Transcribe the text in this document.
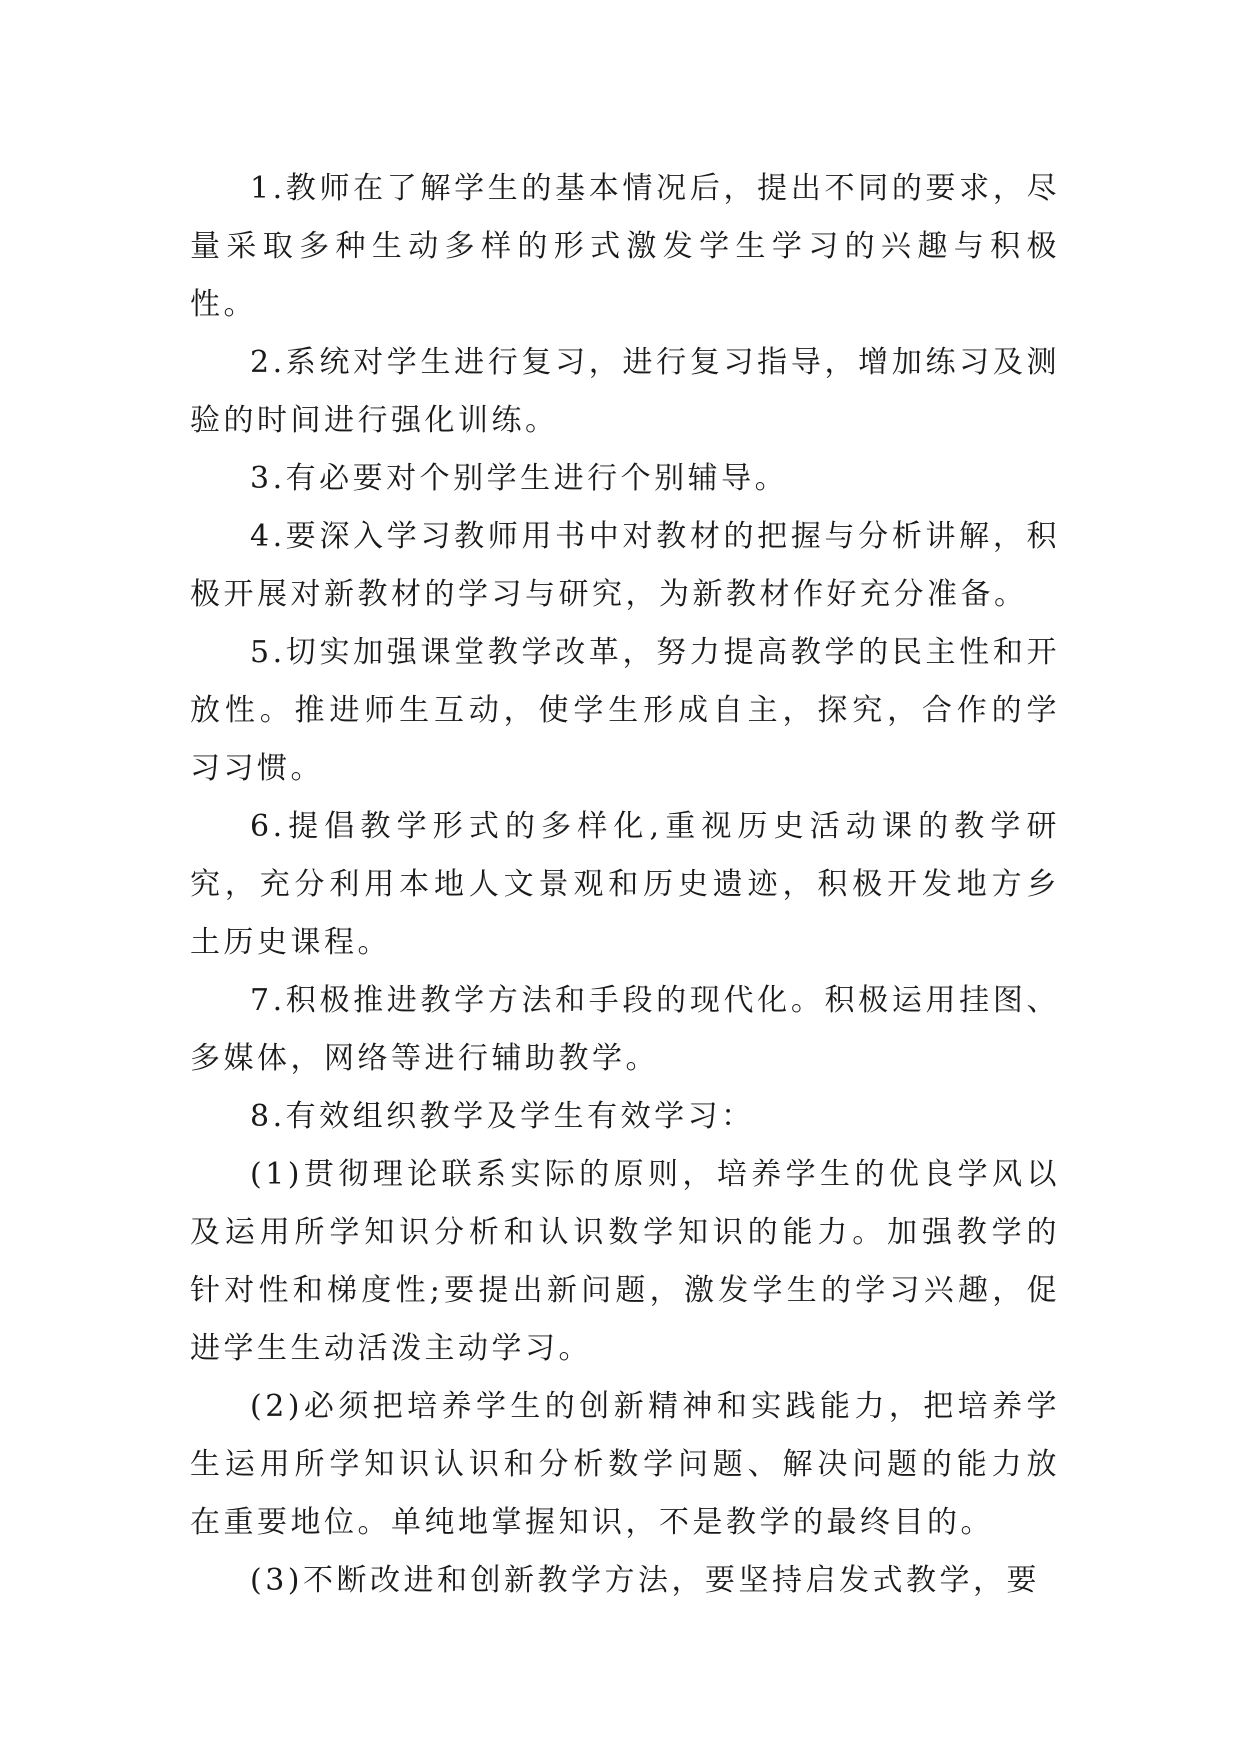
1.教师在了解学生的基本情况后，提出不同的要求，尽量采取多种生动多样的形式激发学生学习的兴趣与积极性。

2.系统对学生进行复习，进行复习指导，增加练习及测验的时间进行强化训练。

3.有必要对个别学生进行个别辅导。

4.要深入学习教师用书中对教材的把握与分析讲解，积极开展对新教材的学习与研究，为新教材作好充分准备。

5.切实加强课堂教学改革，努力提高教学的民主性和开放性。推进师生互动，使学生形成自主，探究，合作的学习习惯。

6.提倡教学形式的多样化,重视历史活动课的教学研究，充分利用本地人文景观和历史遗迹，积极开发地方乡土历史课程。

7.积极推进教学方法和手段的现代化。积极运用挂图、多媒体，网络等进行辅助教学。

8.有效组织教学及学生有效学习：

(1)贯彻理论联系实际的原则，培养学生的优良学风以及运用所学知识分析和认识数学知识的能力。加强教学的针对性和梯度性;要提出新问题，激发学生的学习兴趣，促进学生生动活泼主动学习。

(2)必须把培养学生的创新精神和实践能力，把培养学生运用所学知识认识和分析数学问题、解决问题的能力放在重要地位。单纯地掌握知识，不是教学的最终目的。

(3)不断改进和创新教学方法，要坚持启发式教学，要
